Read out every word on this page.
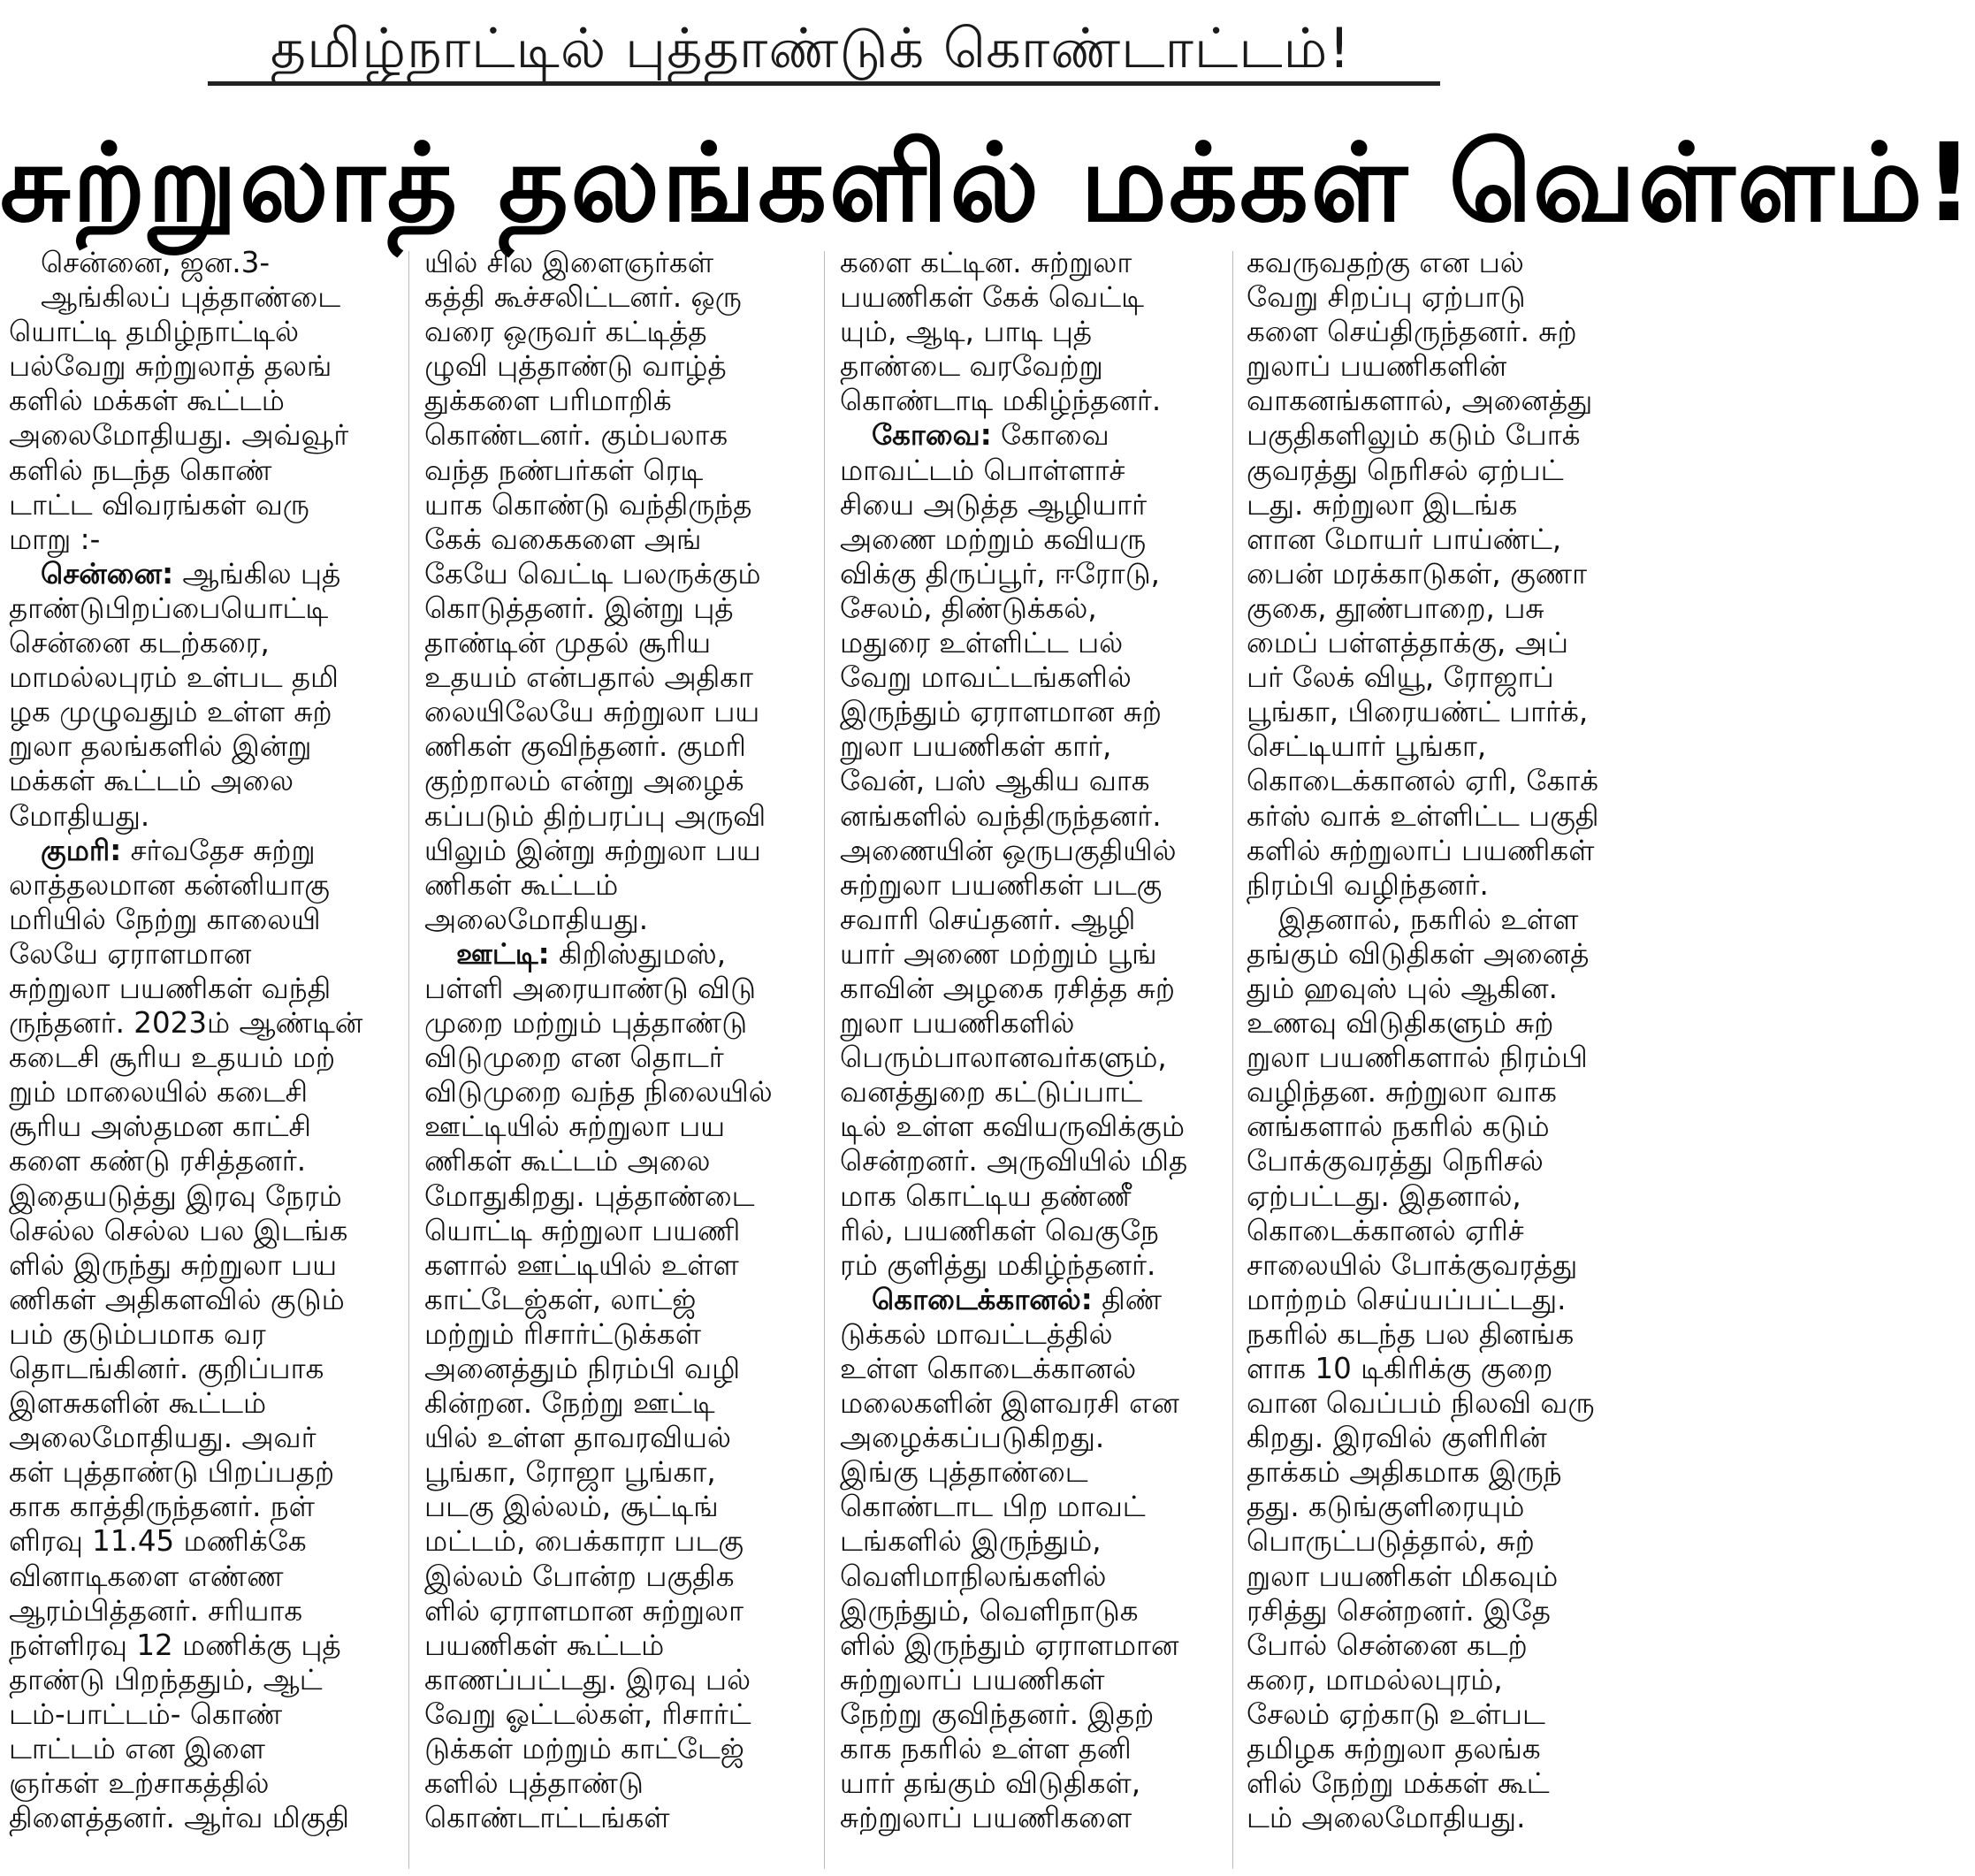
தமிழ்நாட்டில் புத்தாண்டுக் கொண்டாட்டம்!
சுற்றுலாத் தலங்களில் மக்கள் வெள்ளம்!
சென்னை, ஜன.3-
ஆங்கிலப் புத்தாண்டை
யொட்டி தமிழ்நாட்டில்
பல்வேறு சுற்றுலாத் தலங்
களில் மக்கள் கூட்டம்
அலைமோதியது. அவ்வூர்
களில் நடந்த கொண்
டாட்ட விவரங்கள் வரு
மாறு :-
சென்னை: ஆங்கில புத்
தாண்டுபிறப்பையொட்டி
சென்னை கடற்கரை,
மாமல்லபுரம் உள்பட தமி
ழக முழுவதும் உள்ள சுற்
றுலா தலங்களில் இன்று
மக்கள் கூட்டம் அலை
மோதியது.
குமரி: சர்வதேச சுற்று
லாத்தலமான கன்னியாகு
மரியில் நேற்று காலையி
லேயே ஏராளமான
சுற்றுலா பயணிகள் வந்தி
ருந்தனர். 2023ம் ஆண்டின்
கடைசி சூரிய உதயம் மற்
றும் மாலையில் கடைசி
சூரிய அஸ்தமன காட்சி
களை கண்டு ரசித்தனர்.
இதையடுத்து இரவு நேரம்
செல்ல செல்ல பல இடங்க
ளில் இருந்து சுற்றுலா பய
ணிகள் அதிகளவில் குடும்
பம் குடும்பமாக வர
தொடங்கினர். குறிப்பாக
இளசுகளின் கூட்டம்
அலைமோதியது. அவர்
கள் புத்தாண்டு பிறப்பதற்
காக காத்திருந்தனர். நள்
ளிரவு 11.45 மணிக்கே
வினாடிகளை எண்ண
ஆரம்பித்தனர். சரியாக
நள்ளிரவு 12 மணிக்கு புத்
தாண்டு பிறந்ததும், ஆட்
டம்-பாட்டம்- கொண்
டாட்டம் என இளை
ஞர்கள் உற்சாகத்தில்
திளைத்தனர். ஆர்வ மிகுதி
யில் சில இளைஞர்கள்
கத்தி கூச்சலிட்டனர். ஒரு
வரை ஒருவர் கட்டித்த
ழுவி புத்தாண்டு வாழ்த்
துக்களை பரிமாறிக்
கொண்டனர். கும்பலாக
வந்த நண்பர்கள் ரெடி
யாக கொண்டு வந்திருந்த
கேக் வகைகளை அங்
கேயே வெட்டி பலருக்கும்
கொடுத்தனர். இன்று புத்
தாண்டின் முதல் சூரிய
உதயம் என்பதால் அதிகா
லையிலேயே சுற்றுலா பய
ணிகள் குவிந்தனர். குமரி
குற்றாலம் என்று அழைக்
கப்படும் திற்பரப்பு அருவி
யிலும் இன்று சுற்றுலா பய
ணிகள் கூட்டம்
அலைமோதியது.
ஊட்டி: கிறிஸ்துமஸ்,
பள்ளி அரையாண்டு விடு
முறை மற்றும் புத்தாண்டு
விடுமுறை என தொடர்
விடுமுறை வந்த நிலையில்
ஊட்டியில் சுற்றுலா பய
ணிகள் கூட்டம் அலை
மோதுகிறது. புத்தாண்டை
யொட்டி சுற்றுலா பயணி
களால் ஊட்டியில் உள்ள
காட்டேஜ்கள், லாட்ஜ்
மற்றும் ரிசார்ட்டுக்கள்
அனைத்தும் நிரம்பி வழி
கின்றன. நேற்று ஊட்டி
யில் உள்ள தாவரவியல்
பூங்கா, ரோஜா பூங்கா,
படகு இல்லம், சூட்டிங்
மட்டம், பைக்காரா படகு
இல்லம் போன்ற பகுதிக
ளில் ஏராளமான சுற்றுலா
பயணிகள் கூட்டம்
காணப்பட்டது. இரவு பல்
வேறு ஓட்டல்கள், ரிசார்ட்
டுக்கள் மற்றும் காட்டேஜ்
களில் புத்தாண்டு
கொண்டாட்டங்கள்
களை கட்டின. சுற்றுலா
பயணிகள் கேக் வெட்டி
யும், ஆடி, பாடி புத்
தாண்டை வரவேற்று
கொண்டாடி மகிழ்ந்தனர்.
கோவை: கோவை
மாவட்டம் பொள்ளாச்
சியை அடுத்த ஆழியார்
அணை மற்றும் கவியரு
விக்கு திருப்பூர், ஈரோடு,
சேலம், திண்டுக்கல்,
மதுரை உள்ளிட்ட பல்
வேறு மாவட்டங்களில்
இருந்தும் ஏராளமான சுற்
றுலா பயணிகள் கார்,
வேன், பஸ் ஆகிய வாக
னங்களில் வந்திருந்தனர்.
அணையின் ஒருபகுதியில்
சுற்றுலா பயணிகள் படகு
சவாரி செய்தனர். ஆழி
யார் அணை மற்றும் பூங்
காவின் அழகை ரசித்த சுற்
றுலா பயணிகளில்
பெரும்பாலானவர்களும்,
வனத்துறை கட்டுப்பாட்
டில் உள்ள கவியருவிக்கும்
சென்றனர். அருவியில் மித
மாக கொட்டிய தண்ணீ
ரில், பயணிகள் வெகுநே
ரம் குளித்து மகிழ்ந்தனர்.
கொடைக்கானல்: திண்
டுக்கல் மாவட்டத்தில்
உள்ள கொடைக்கானல்
மலைகளின் இளவரசி என
அழைக்கப்படுகிறது.
இங்கு புத்தாண்டை
கொண்டாட பிற மாவட்
டங்களில் இருந்தும்,
வெளிமாநிலங்களில்
இருந்தும், வெளிநாடுக
ளில் இருந்தும் ஏராளமான
சுற்றுலாப் பயணிகள்
நேற்று குவிந்தனர். இதற்
காக நகரில் உள்ள தனி
யார் தங்கும் விடுதிகள்,
சுற்றுலாப் பயணிகளை
கவருவதற்கு என பல்
வேறு சிறப்பு ஏற்பாடு
களை செய்திருந்தனர். சுற்
றுலாப் பயணிகளின்
வாகனங்களால், அனைத்து
பகுதிகளிலும் கடும் போக்
குவரத்து நெரிசல் ஏற்பட்
டது. சுற்றுலா இடங்க
ளான மோயர் பாய்ண்ட்,
பைன் மரக்காடுகள், குணா
குகை, தூண்பாறை, பசு
மைப் பள்ளத்தாக்கு, அப்
பர் லேக் வியூ, ரோஜாப்
பூங்கா, பிரையண்ட் பார்க்,
செட்டியார் பூங்கா,
கொடைக்கானல் ஏரி, கோக்
கர்ஸ் வாக் உள்ளிட்ட பகுதி
களில் சுற்றுலாப் பயணிகள்
நிரம்பி வழிந்தனர்.
இதனால், நகரில் உள்ள
தங்கும் விடுதிகள் அனைத்
தும் ஹவுஸ் புல் ஆகின.
உணவு விடுதிகளும் சுற்
றுலா பயணிகளால் நிரம்பி
வழிந்தன. சுற்றுலா வாக
னங்களால் நகரில் கடும்
போக்குவரத்து நெரிசல்
ஏற்பட்டது. இதனால்,
கொடைக்கானல் ஏரிச்
சாலையில் போக்குவரத்து
மாற்றம் செய்யப்பட்டது.
நகரில் கடந்த பல தினங்க
ளாக 10 டிகிரிக்கு குறை
வான வெப்பம் நிலவி வரு
கிறது. இரவில் குளிரின்
தாக்கம் அதிகமாக இருந்
தது. கடுங்குளிரையும்
பொருட்படுத்தால், சுற்
றுலா பயணிகள் மிகவும்
ரசித்து சென்றனர். இதே
போல் சென்னை கடற்
கரை, மாமல்லபுரம்,
சேலம் ஏற்காடு உள்பட
தமிழக சுற்றுலா தலங்க
ளில் நேற்று மக்கள் கூட்
டம் அலைமோதியது.
